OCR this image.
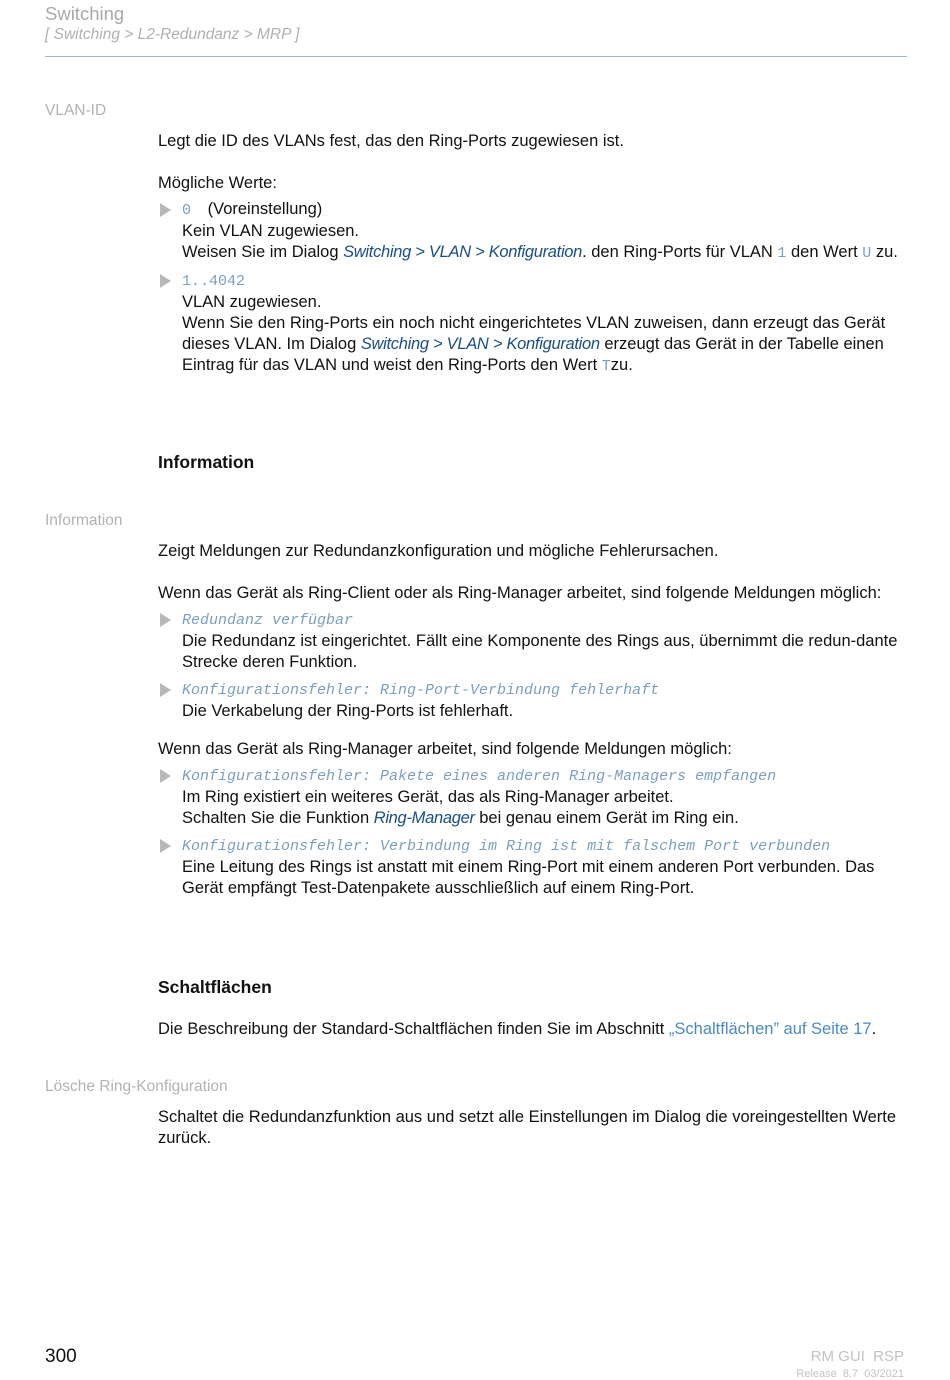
Switching
[ Switching > L2-Redundanz > MRP ]
VLAN-ID
Legt die ID des VLANs fest, das den Ring-Ports zugewiesen ist.
Mögliche Werte:
0 (Voreinstellung)
Kein VLAN zugewiesen.
Weisen Sie im Dialog Switching > VLAN > Konfiguration. den Ring-Ports für VLAN 1 den Wert U zu.
1..4042
VLAN zugewiesen.
Wenn Sie den Ring-Ports ein noch nicht eingerichtetes VLAN zuweisen, dann erzeugt das Gerät dieses VLAN. Im Dialog Switching > VLAN > Konfiguration erzeugt das Gerät in der Tabelle einen Eintrag für das VLAN und weist den Ring-Ports den Wert Tzu.
Information
Information
Zeigt Meldungen zur Redundanzkonfiguration und mögliche Fehlerursachen.
Wenn das Gerät als Ring-Client oder als Ring-Manager arbeitet, sind folgende Meldungen möglich:
Redundanz verfügbar
Die Redundanz ist eingerichtet. Fällt eine Komponente des Rings aus, übernimmt die redun-dante Strecke deren Funktion.
Konfigurationsfehler: Ring-Port-Verbindung fehlerhaft
Die Verkabelung der Ring-Ports ist fehlerhaft.
Wenn das Gerät als Ring-Manager arbeitet, sind folgende Meldungen möglich:
Konfigurationsfehler: Pakete eines anderen Ring-Managers empfangen
Im Ring existiert ein weiteres Gerät, das als Ring-Manager arbeitet.
Schalten Sie die Funktion Ring-Manager bei genau einem Gerät im Ring ein.
Konfigurationsfehler: Verbindung im Ring ist mit falschem Port verbunden
Eine Leitung des Rings ist anstatt mit einem Ring-Port mit einem anderen Port verbunden. Das Gerät empfängt Test-Datenpakete ausschließlich auf einem Ring-Port.
Schaltflächen
Die Beschreibung der Standard-Schaltflächen finden Sie im Abschnitt „Schaltflächen” auf Seite 17.
Lösche Ring-Konfiguration
Schaltet die Redundanzfunktion aus und setzt alle Einstellungen im Dialog die voreingestellten Werte zurück.
300	RM GUI  RSP
Release  8.7  03/2021
